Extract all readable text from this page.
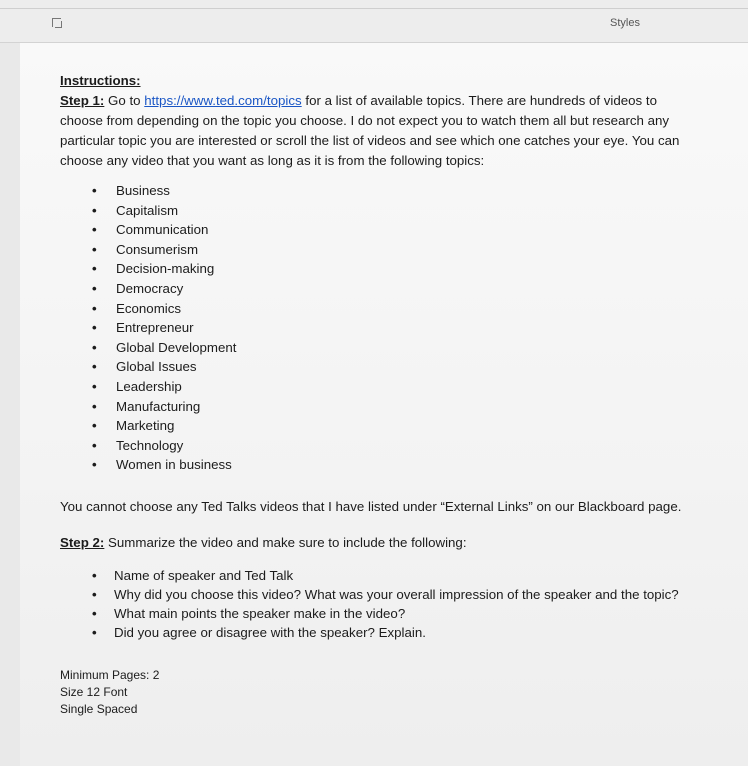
Styles
Instructions:

Step 1: Go to https://www.ted.com/topics for a list of available topics. There are hundreds of videos to choose from depending on the topic you choose. I do not expect you to watch them all but research any particular topic you are interested or scroll the list of videos and see which one catches your eye. You can choose any video that you want as long as it is from the following topics:

• Business
• Capitalism
• Communication
• Consumerism
• Decision-making
• Democracy
• Economics
• Entrepreneur
• Global Development
• Global Issues
• Leadership
• Manufacturing
• Marketing
• Technology
• Women in business

You cannot choose any Ted Talks videos that I have listed under “External Links” on our Blackboard page.

Step 2: Summarize the video and make sure to include the following:

• Name of speaker and Ted Talk
• Why did you choose this video? What was your overall impression of the speaker and the topic?
• What main points the speaker make in the video?
• Did you agree or disagree with the speaker? Explain.
Minimum Pages: 2
Size 12 Font
Single Spaced
